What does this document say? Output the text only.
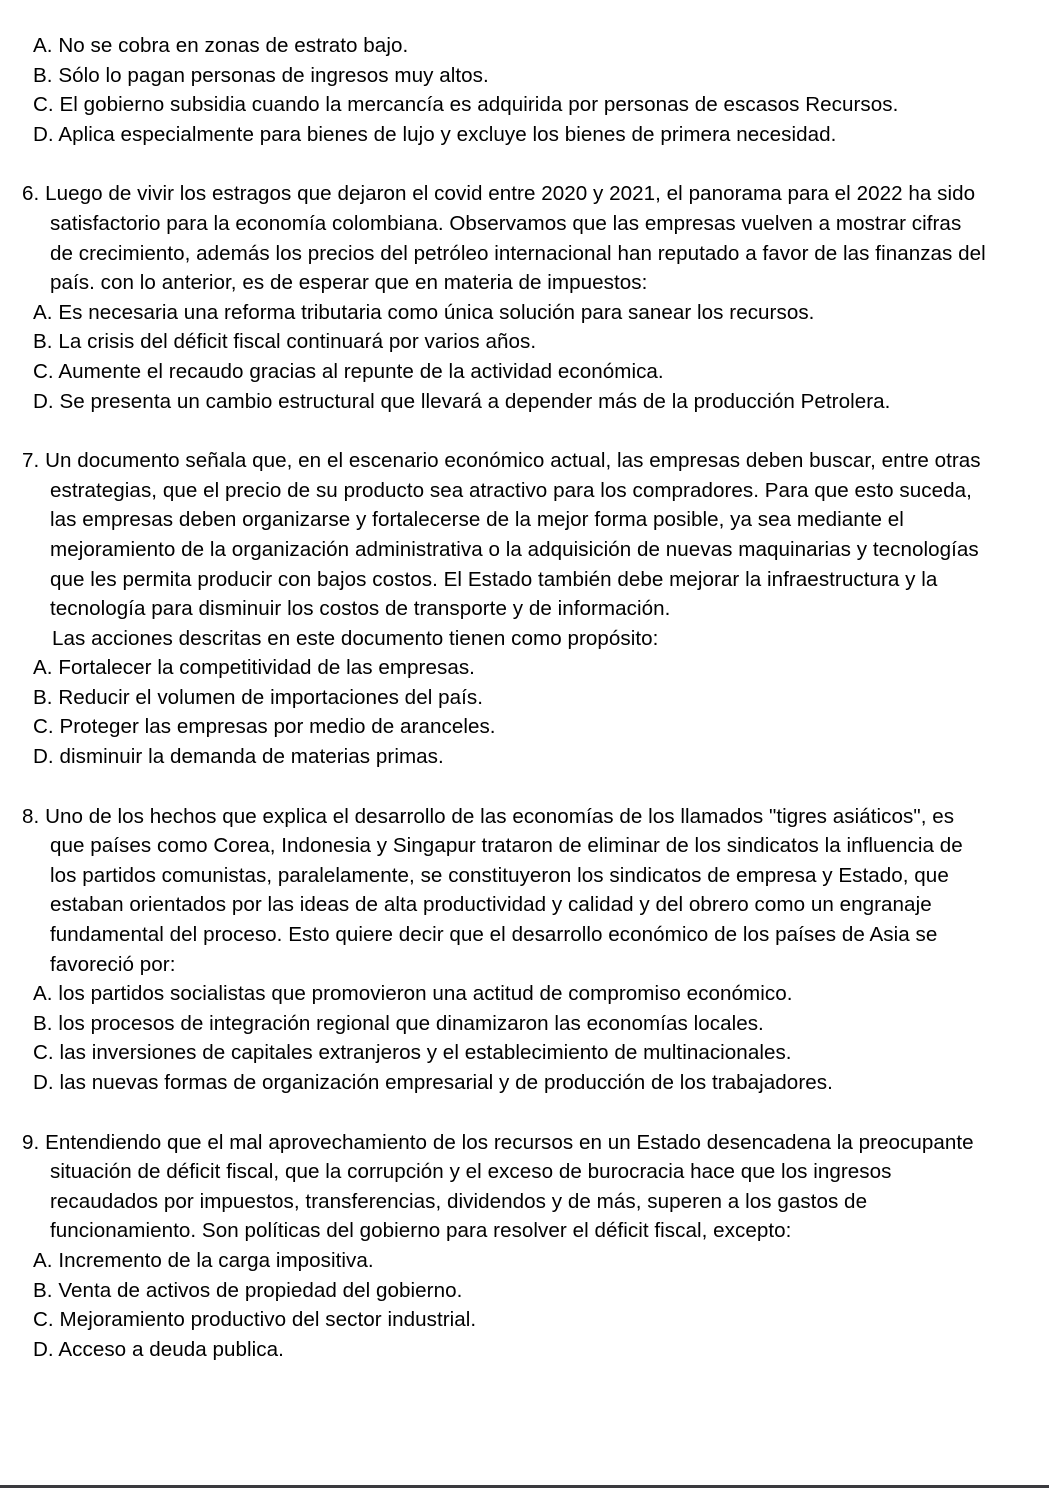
A. No se cobra en zonas de estrato bajo.

B. Sólo lo pagan personas de ingresos muy altos.

C. El gobierno subsidia cuando la mercancía es adquirida por personas de escasos Recursos.

D. Aplica especialmente para bienes de lujo y excluye los bienes de primera necesidad.

6. Luego de vivir los estragos que dejaron el covid entre 2020 y 2021, el panorama para el 2022 ha sido satisfactorio para la economía colombiana. Observamos que las empresas vuelven a mostrar cifras de crecimiento, además los precios del petróleo internacional han reputado a favor de las finanzas del país. con lo anterior, es de esperar que en materia de impuestos:

A. Es necesaria una reforma tributaria como única solución para sanear los recursos.

B. La crisis del déficit fiscal continuará por varios años.

C. Aumente el recaudo gracias al repunte de la actividad económica.

D. Se presenta un cambio estructural que llevará a depender más de la producción Petrolera.

7. Un documento señala que, en el escenario económico actual, las empresas deben buscar, entre otras estrategias, que el precio de su producto sea atractivo para los compradores. Para que esto suceda, las empresas deben organizarse y fortalecerse de la mejor forma posible, ya sea mediante el mejoramiento de la organización administrativa o la adquisición de nuevas maquinarias y tecnologías que les permita producir con bajos costos. El Estado también debe mejorar la infraestructura y la tecnología para disminuir los costos de transporte y de información.

Las acciones descritas en este documento tienen como propósito:

A. Fortalecer la competitividad de las empresas.

B. Reducir el volumen de importaciones del país.

C. Proteger las empresas por medio de aranceles.

D. disminuir la demanda de materias primas.

8. Uno de los hechos que explica el desarrollo de las economías de los llamados "tigres asiáticos", es que países como Corea, Indonesia y Singapur trataron de eliminar de los sindicatos la influencia de los partidos comunistas, paralelamente, se constituyeron los sindicatos de empresa y Estado, que estaban orientados por las ideas de alta productividad y calidad y del obrero como un engranaje fundamental del proceso. Esto quiere decir que el desarrollo económico de los países de Asia se favoreció por:

A. los partidos socialistas que promovieron una actitud de compromiso económico.

B. los procesos de integración regional que dinamizaron las economías locales.

C. las inversiones de capitales extranjeros y el establecimiento de multinacionales.

D. las nuevas formas de organización empresarial y de producción de los trabajadores.

9. Entendiendo que el mal aprovechamiento de los recursos en un Estado desencadena la preocupante situación de déficit fiscal, que la corrupción y el exceso de burocracia hace que los ingresos recaudados por impuestos, transferencias, dividendos y de más, superen a los gastos de funcionamiento. Son políticas del gobierno para resolver el déficit fiscal, excepto:

A. Incremento de la carga impositiva.

B. Venta de activos de propiedad del gobierno.

C. Mejoramiento productivo del sector industrial.

D. Acceso a deuda publica.
